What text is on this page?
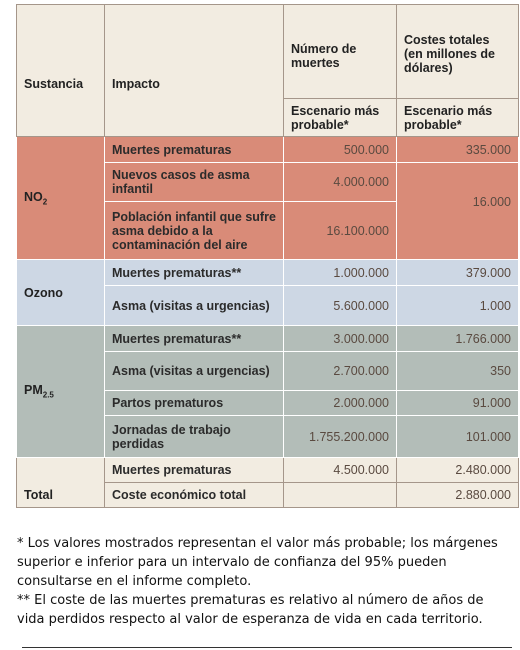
Sustancia	Impacto	Número de muertes	Costes totales (en millones de dólares)
		Escenario más probable*	Escenario más probable*
$NO_2$	Muertes prematuras	500.000	335.000
	Nuevos casos de asma infantil	4.000.000	16.000
	Población infantil que sufre asma debido a la contaminación del aire	16.100.000	
Ozono	Muertes prematuras**	1.000.000	379.000
	Asma (visitas a urgencias)	5.600.000	1.000
$PM_{2.5}$	Muertes prematuras**	3.000.000	1.766.000
	Asma (visitas a urgencias)	2.700.000	350
	Partos prematuros	2.000.000	91.000
	Jornadas de trabajo perdidas	1.755.200.000	101.000
Total	Muertes prematuras	4.500.000	2.480.000
	Coste económico total		2.880.000

* Los valores mostrados representan el valor más probable; los márgenes superior e inferior para un intervalo de confianza del 95% pueden consultarse en el informe completo.

** El coste de las muertes prematuras es relativo al número de años de vida perdidos respecto al valor de esperanza de vida en cada territorio.
